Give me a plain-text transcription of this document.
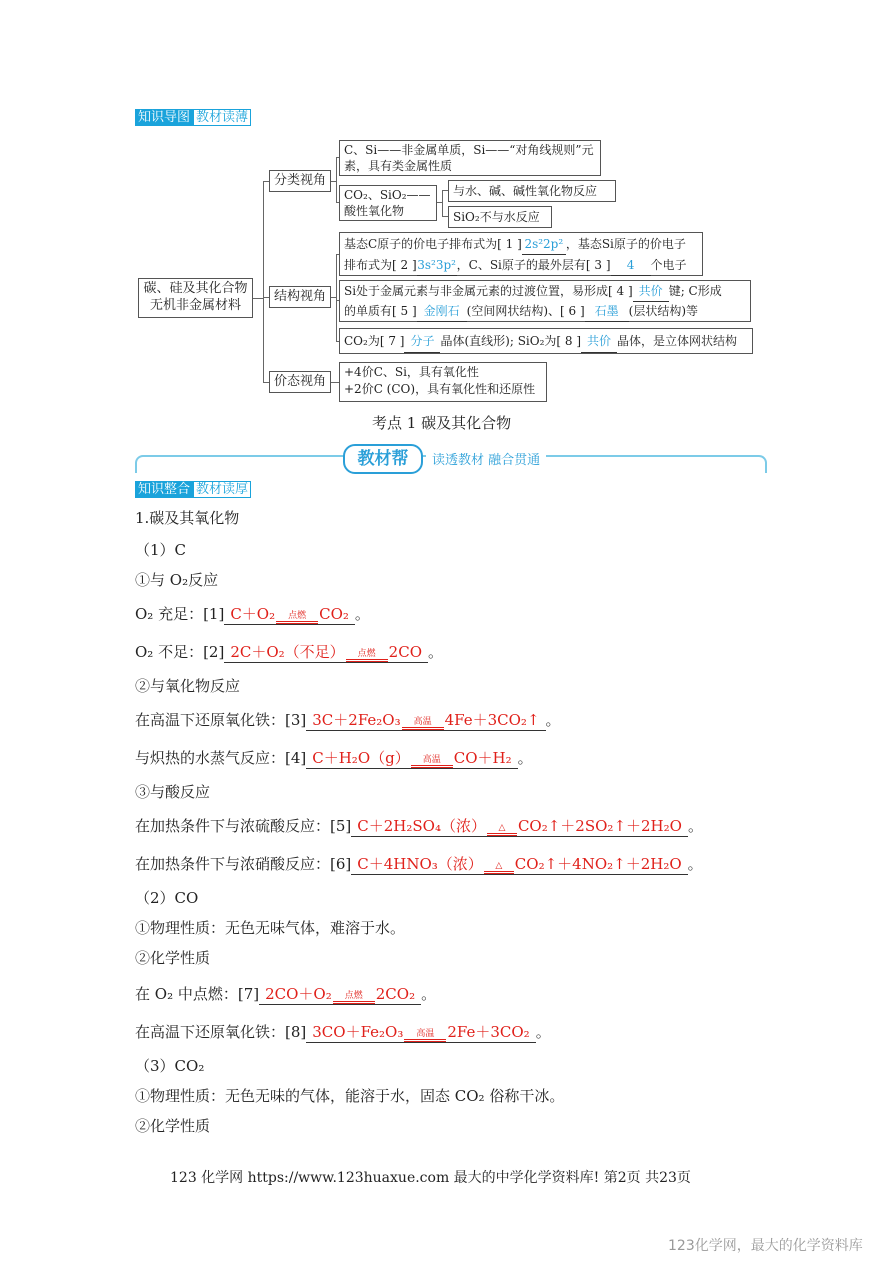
知识导图 教材读薄
碳、硅及其化合物无机非金属材料
分类视角
结构视角
价态视角
C、Si——非金属单质，Si——“对角线规则”元素，具有类金属性质
CO₂、SiO₂——酸性氧化物
与水、碱、碱性氧化物反应
SiO₂不与水反应
基态C原子的价电子排布式为[ 1 ] 2s²2p² ，基态Si原子的价电子
排布式为[ 2 ]3s²3p²，C、Si原子的最外层有[ 3 ] 4 个电子
Si处于金属元素与非金属元素的过渡位置，易形成[ 4 ] 共价 键; C形成
的单质有[ 5 ] 金刚石 (空间网状结构)、[ 6 ] 石墨 (层状结构)等
CO₂为[ 7 ] 分子 晶体(直线形); SiO₂为[ 8 ] 共价 晶体，是立体网状结构
+4价C、Si，具有氧化性
+2价C (CO)，具有氧化性和还原性
考点 1 碳及其化合物
教材帮	读透教材 融合贯通
知识整合 教材读厚
1.碳及其氧化物
（1）C
①与 O₂反应
O₂ 充足：[1] C＋O₂	点燃 CO₂ 。
O₂ 不足：[2] 2C＋O₂（不足）	点燃 2CO 。
②与氧化物反应
在高温下还原氧化铁：[3] 3C＋2Fe₂O₃	高温 4Fe＋3CO₂↑ 。
与炽热的水蒸气反应：[4] C＋H₂O（g）	高温 CO＋H₂ 。
③与酸反应
在加热条件下与浓硫酸反应：[5] C＋2H₂SO₄（浓）	△ CO₂↑＋2SO₂↑＋2H₂O 。
在加热条件下与浓硝酸反应：[6] C＋4HNO₃（浓）	△ CO₂↑＋4NO₂↑＋2H₂O 。
（2）CO
①物理性质：无色无味气体，难溶于水。
②化学性质
在 O₂ 中点燃：[7] 2CO＋O₂	点燃 2CO₂ 。
在高温下还原氧化铁：[8] 3CO＋Fe₂O₃	高温 2Fe＋3CO₂ 。
（3）CO₂
①物理性质：无色无味的气体，能溶于水，固态 CO₂ 俗称干冰。
②化学性质
123 化学网 https://www.123huaxue.com 最大的中学化学资料库! 第2页 共23页
123化学网，最大的化学资料库
